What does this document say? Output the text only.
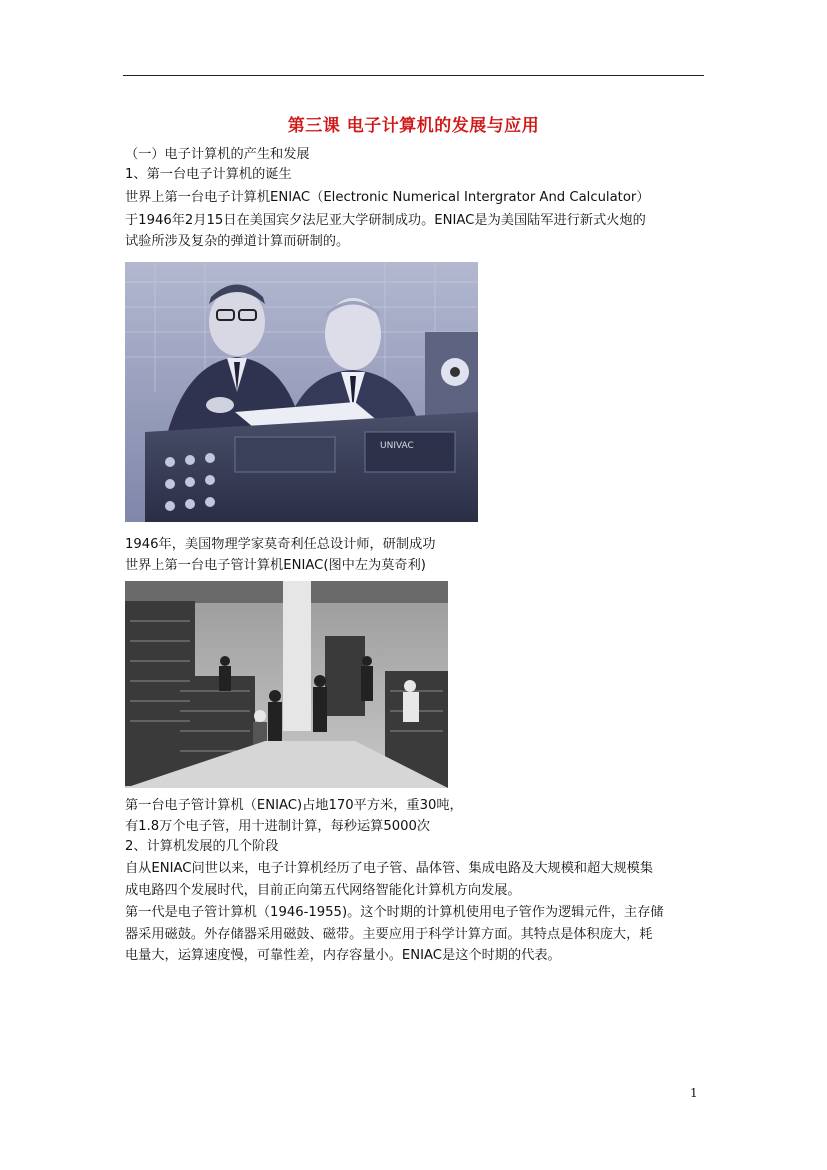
第三课 电子计算机的发展与应用
（一）电子计算机的产生和发展
1、第一台电子计算机的诞生
世界上第一台电子计算机ENIAC（Electronic Numerical Intergrator And Calculator）
于1946年2月15日在美国宾夕法尼亚大学研制成功。ENIAC是为美国陆军进行新式火炮的
试验所涉及复杂的弹道计算而研制的。
UNIVAC
1946年，美国物理学家莫奇利任总设计师，研制成功
世界上第一台电子管计算机ENIAC(图中左为莫奇利)
第一台电子管计算机（ENIAC)占地170平方米，重30吨，
有1.8万个电子管，用十进制计算，每秒运算5000次
2、计算机发展的几个阶段
自从ENIAC问世以来，电子计算机经历了电子管、晶体管、集成电路及大规模和超大规模集
成电路四个发展时代，目前正向第五代网络智能化计算机方向发展。
第一代是电子管计算机（1946-1955)。这个时期的计算机使用电子管作为逻辑元件，主存储
器采用磁鼓。外存储器采用磁鼓、磁带。主要应用于科学计算方面。其特点是体积庞大，耗
电量大，运算速度慢，可靠性差，内存容量小。ENIAC是这个时期的代表。
1
